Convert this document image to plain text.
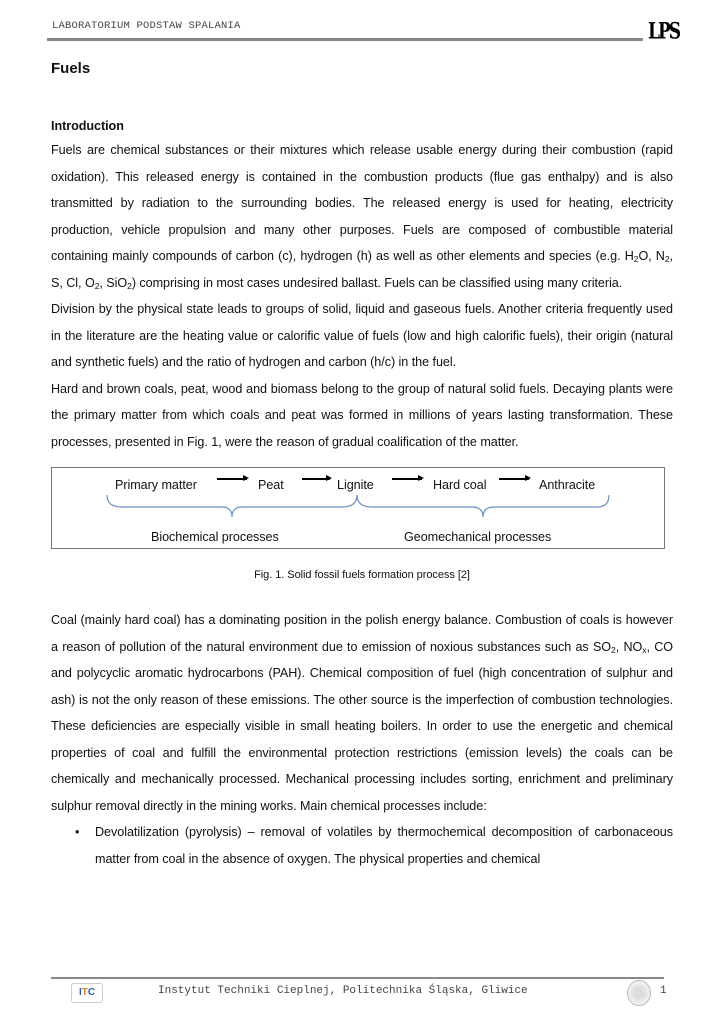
LABORATORIUM PODSTAW SPALANIA	LPS
Fuels
Introduction

Fuels are chemical substances or their mixtures which release usable energy during their combustion (rapid oxidation). This released energy is contained in the combustion products (flue gas enthalpy) and is also transmitted by radiation to the surrounding bodies. The released energy is used for heating, electricity production, vehicle propulsion and many other purposes. Fuels are composed of combustible material containing mainly compounds of carbon (c), hydrogen (h) as well as other elements and species (e.g. $H_2O$, $N_2$, S, Cl, $O_2$, SiO$_2$) comprising in most cases undesired ballast. Fuels can be classified using many criteria.

Division by the physical state leads to groups of solid, liquid and gaseous fuels. Another criteria frequently used in the literature are the heating value or calorific value of fuels (low and high calorific fuels), their origin (natural and synthetic fuels) and the ratio of hydrogen and carbon (h/c) in the fuel.

Hard and brown coals, peat, wood and biomass belong to the group of natural solid fuels. Decaying plants were the primary matter from which coals and peat was formed in millions of years lasting transformation. These processes, presented in Fig. 1, were the reason of gradual coalification of the matter.

Primary matter	Peat	Lignite	Hard coal	Anthracite
Biochemical processes	Geomechanical processes
Fig. 1. Solid fossil fuels formation process [2]

Coal (mainly hard coal) has a dominating position in the polish energy balance. Combustion of coals is however a reason of pollution of the natural environment due to emission of noxious substances such as $SO_2$, $NO_x$, CO and polycyclic aromatic hydrocarbons (PAH). Chemical composition of fuel (high concentration of sulphur and ash) is not the only reason of these emissions. The other source is the imperfection of combustion technologies. These deficiencies are especially visible in small heating boilers. In order to use the energetic and chemical properties of coal and fulfill the environmental protection restrictions (emission levels) the coals can be chemically and mechanically processed. Mechanical processing includes sorting, enrichment and preliminary sulphur removal directly in the mining works. Main chemical processes include:

• Devolatilization (pyrolysis) – removal of volatiles by thermochemical decomposition of carbonaceous matter from coal in the absence of oxygen. The physical properties and chemical
ITC	Instytut Techniki Cieplnej, Politechnika Śląska, Gliwice	1
